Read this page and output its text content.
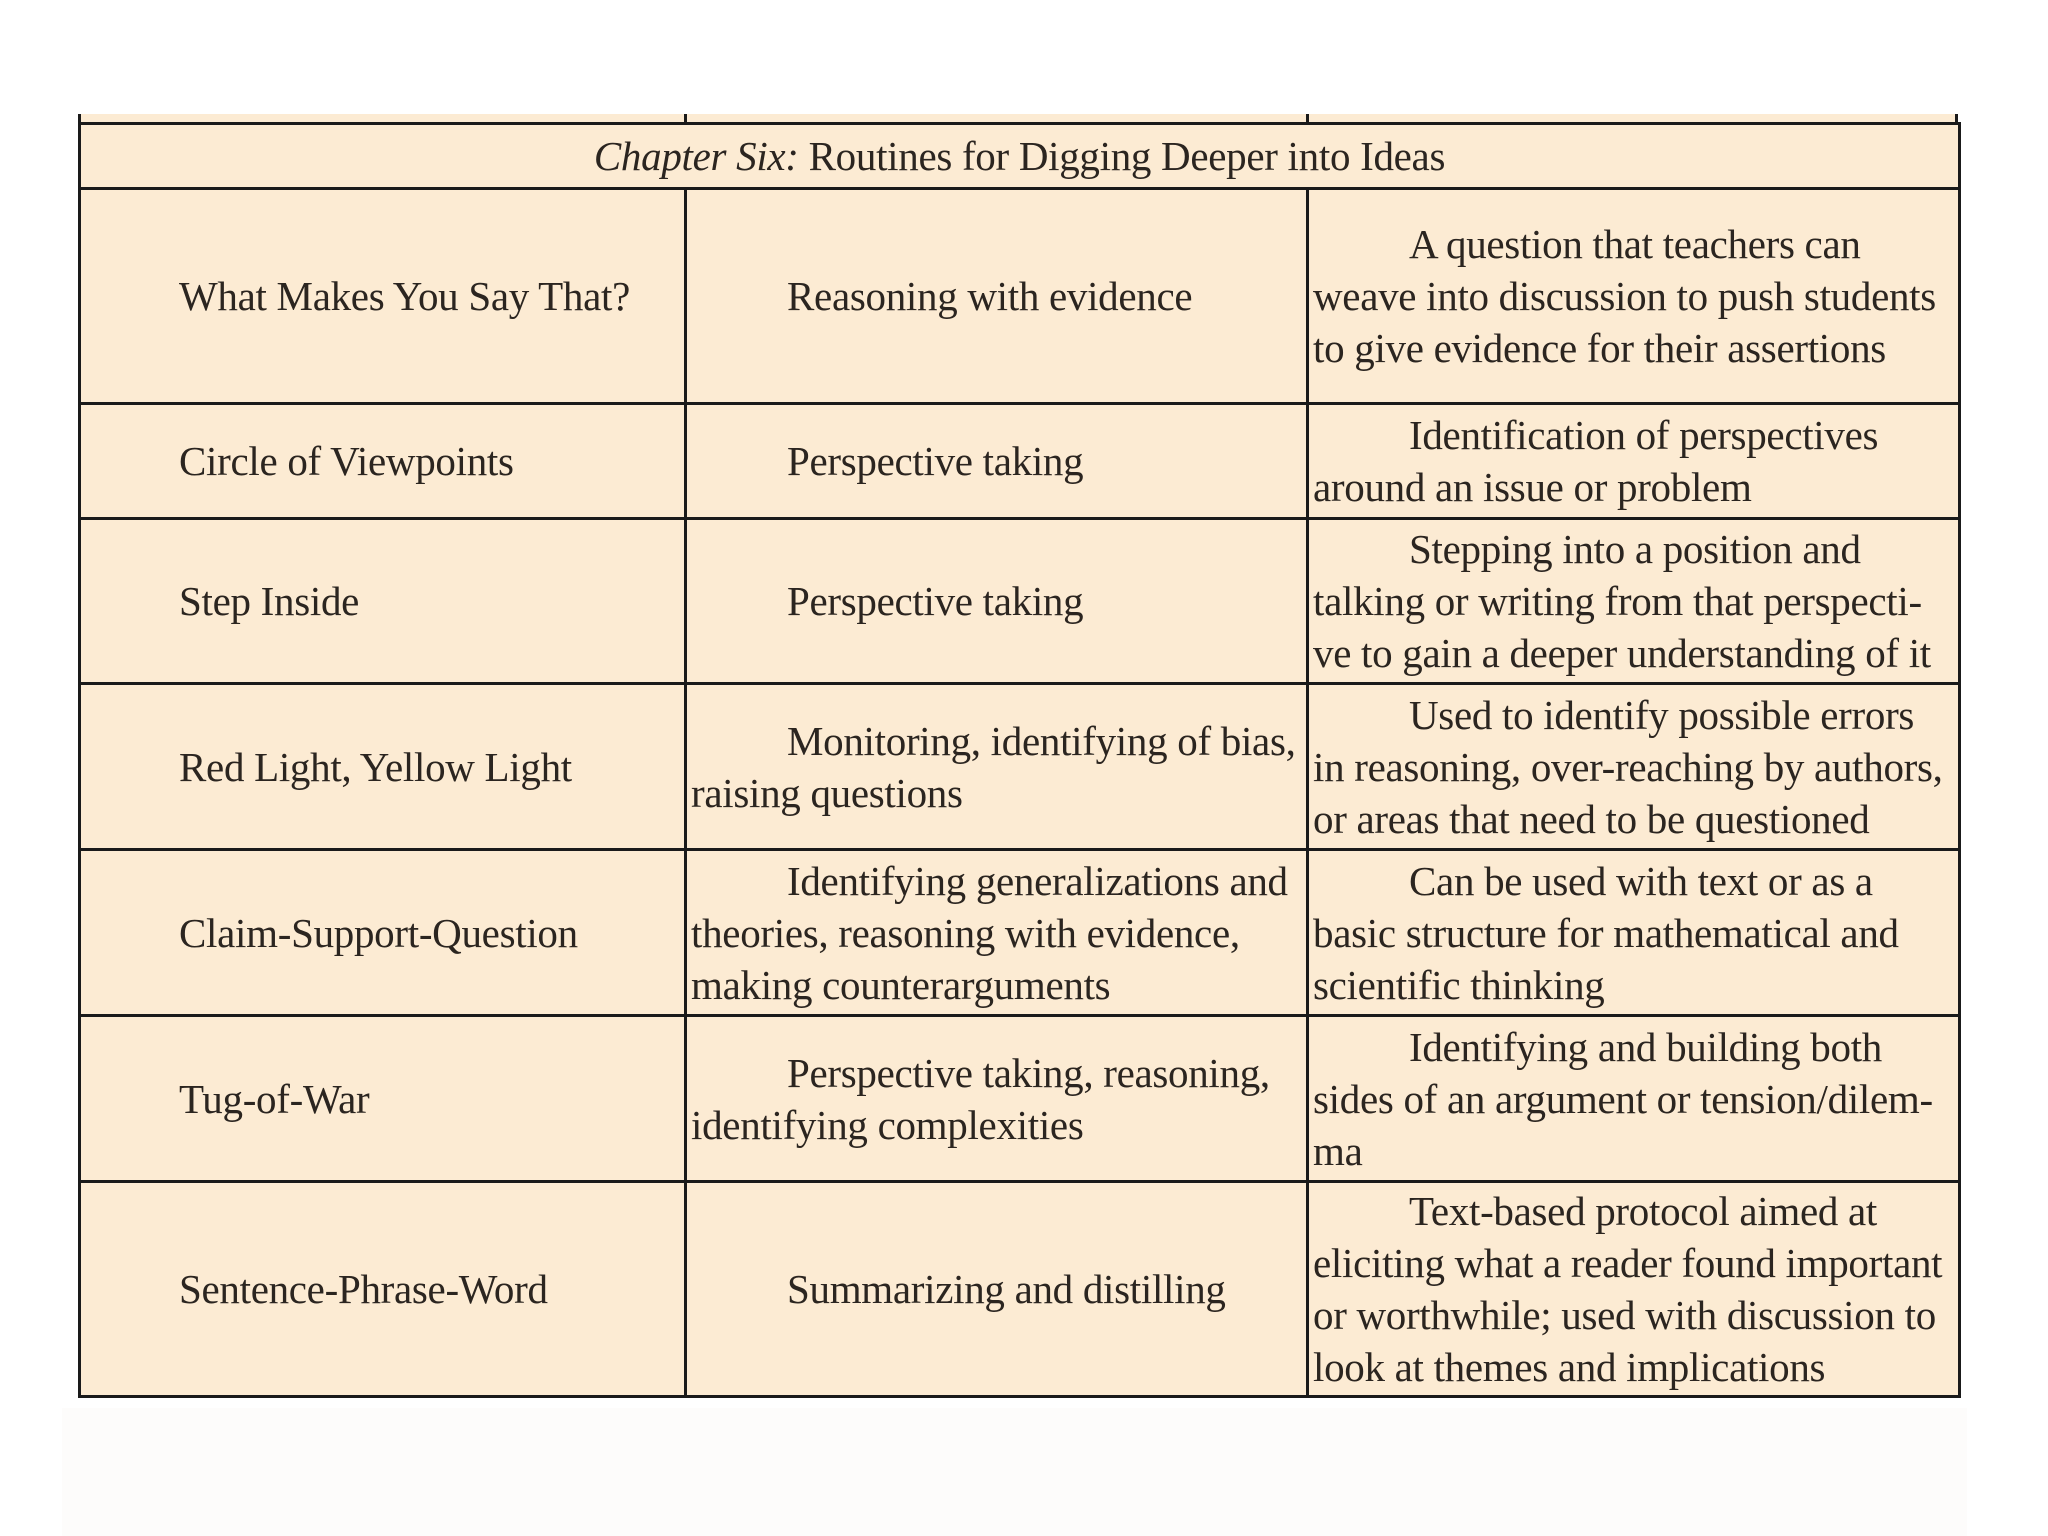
Chapter Six: Routines for Digging Deeper into Ideas		
What Makes You Say That?	Reasoning with evidence	A question that teachers can weave into discussion to push students to give evidence for their assertions
Circle of Viewpoints	Perspective taking	Identification of perspectives around an issue or problem
Step Inside	Perspective taking	Stepping into a position and talking or writing from that perspecti-ve to gain a deeper understanding of it
Red Light, Yellow Light	Monitoring, identifying of bias, raising questions	Used to identify possible errors in reasoning, over-reaching by authors, or areas that need to be questioned
Claim-Support-Question	Identifying generalizations and theories, reasoning with evidence, making counterarguments	Can be used with text or as a basic structure for mathematical and scientific thinking
Tug-of-War	Perspective taking, reasoning, identifying complexities	Identifying and building both sides of an argument or tension/dilem-ma
Sentence-Phrase-Word	Summarizing and distilling	Text-based protocol aimed at eliciting what a reader found important or worthwhile; used with discussion to look at themes and implications
